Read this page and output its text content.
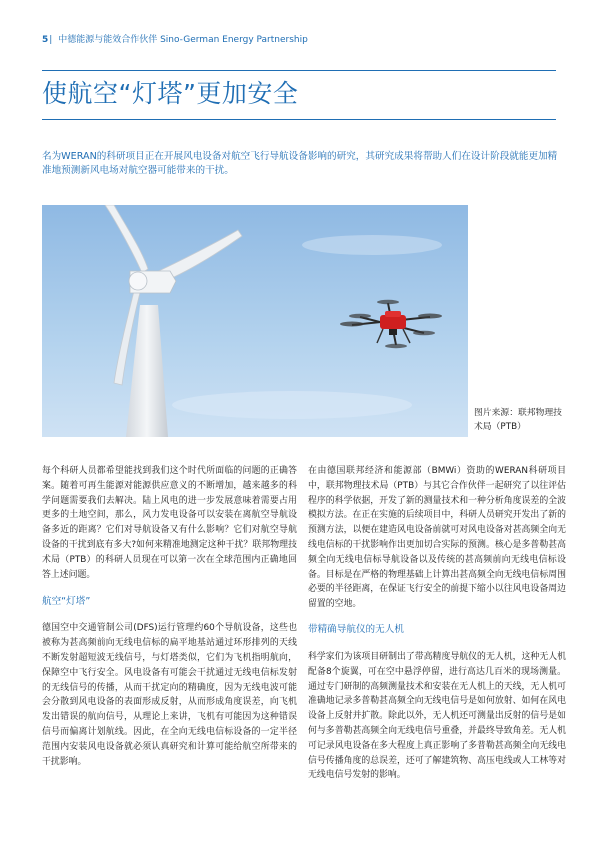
5| 中德能源与能效合作伙伴 Sino-German Energy Partnership
使航空“灯塔”更加安全

名为WERAN的科研项目正在开展风电设备对航空飞行导航设备影响的研究，其研究成果将帮助人们在设计阶段就能更加精准地预测新风电场对航空器可能带来的干扰。

图片来源：联邦物理技术局（PTB）

每个科研人员都希望能找到我们这个时代所面临的问题的正确答案。随着可再生能源对能源供应意义的不断增加，越来越多的科学问题需要我们去解决。陆上风电的进一步发展意味着需要占用更多的土地空间，那么，风力发电设备可以安装在离航空导航设备多近的距离？它们对导航设备又有什么影响？它们对航空导航设备的干扰到底有多大?如何来精准地测定这种干扰？联邦物理技术局（PTB）的科研人员现在可以第一次在全球范围内正确地回答上述问题。

航空“灯塔”

德国空中交通管制公司(DFS)运行管理约60个导航设备，这些也被称为甚高频前向无线电信标的扁平地基站通过环形排列的天线不断发射超短波无线信号，与灯塔类似，它们为飞机指明航向，保障空中飞行安全。风电设备有可能会干扰通过无线电信标发射的无线信号的传播，从而干扰定向的精确度，因为无线电波可能会分散到风电设备的表面形成反射，从而形成角度误差，向飞机发出错误的航向信号，从理论上来讲，飞机有可能因为这种错误信号而偏离计划航线。因此，在全向无线电信标设备的一定半径范围内安装风电设备就必须认真研究和计算可能给航空所带来的干扰影响。

在由德国联邦经济和能源部（BMWi）资助的WERAN科研项目中，联邦物理技术局（PTB）与其它合作伙伴一起研究了以往评估程序的科学依据，开发了新的测量技术和一种分析角度误差的全波模拟方法。在正在实施的后续项目中，科研人员研究开发出了新的预测方法，以便在建造风电设备前就可对风电设备对甚高频全向无线电信标的干扰影响作出更加切合实际的预测。核心是多普勒甚高频全向无线电信标导航设备以及传统的甚高频前向无线电信标设备。目标是在严格的物理基础上计算出甚高频全向无线电信标周围必要的半径距离，在保证飞行安全的前提下缩小以往风电设备周边留置的空地。

带精确导航仪的无人机

科学家们为该项目研制出了带高精度导航仪的无人机，这种无人机配备8个旋翼，可在空中悬浮停留，进行高达几百米的现场测量。通过专门研制的高频测量技术和安装在无人机上的天线，无人机可准确地记录多普勒甚高频全向无线电信号是如何放射、如何在风电设备上反射并扩散。除此以外，无人机还可测量出反射的信号是如何与多普勒甚高频全向无线电信号重叠，并最终导致角差。无人机可记录风电设备在多大程度上真正影响了多普勒甚高频全向无线电信号传播角度的总误差，还可了解建筑物、高压电线或人工林等对无线电信号发射的影响。
